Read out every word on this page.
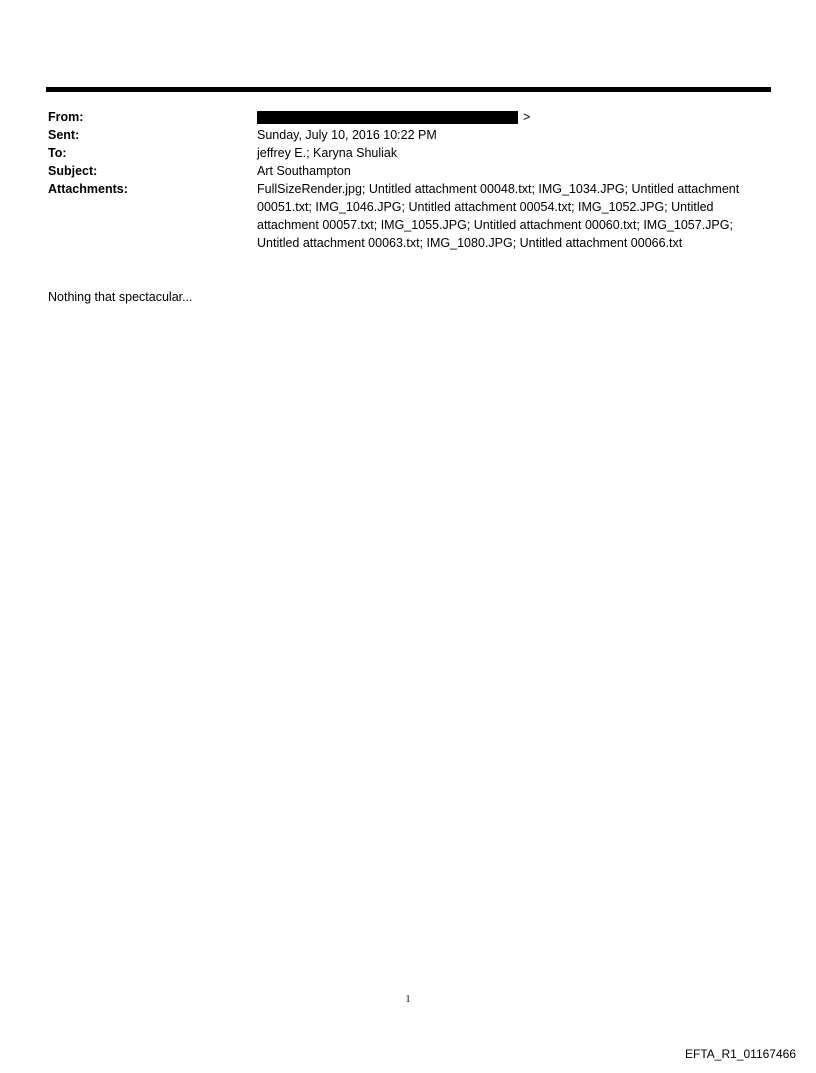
From:	>
Sent:	Sunday, July 10, 2016 10:22 PM
To:	jeffrey E.; Karyna Shuliak
Subject:	Art Southampton
Attachments:	FullSizeRender.jpg; Untitled attachment 00048.txt; IMG_1034.JPG; Untitled attachment 00051.txt; IMG_1046.JPG; Untitled attachment 00054.txt; IMG_1052.JPG; Untitled attachment 00057.txt; IMG_1055.JPG; Untitled attachment 00060.txt; IMG_1057.JPG; Untitled attachment 00063.txt; IMG_1080.JPG; Untitled attachment 00066.txt
Nothing that spectacular...
1
EFTA_R1_01167466
